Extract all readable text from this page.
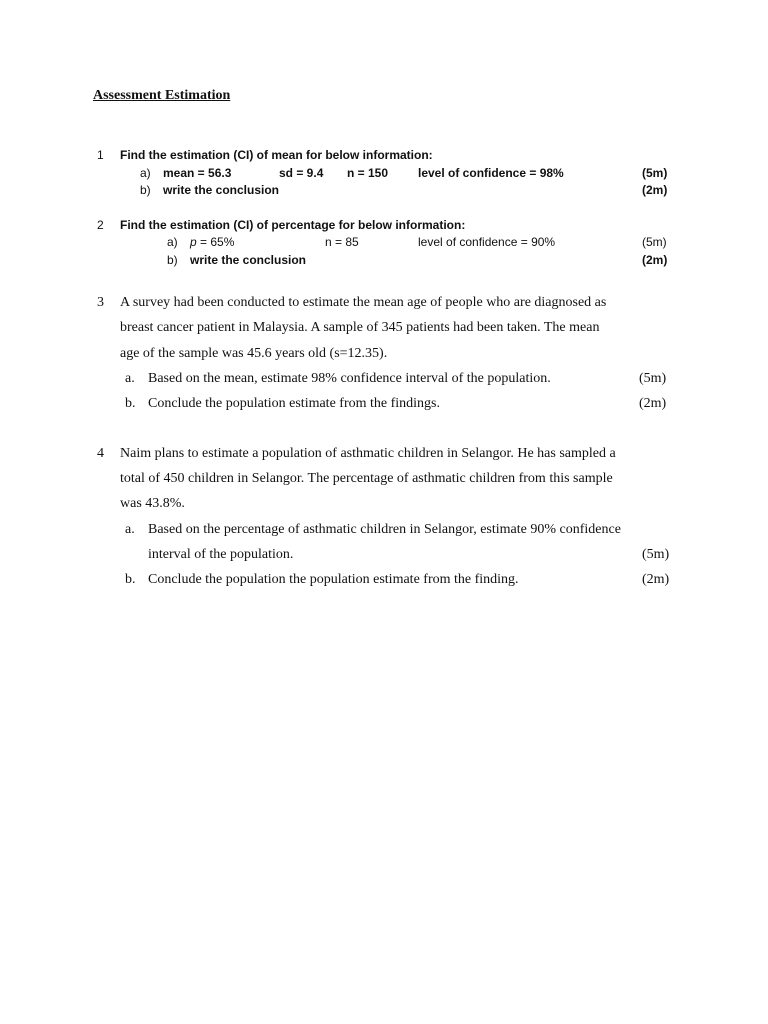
Assessment Estimation
1 Find the estimation (CI) of mean for below information:
a) mean = 56.3	sd = 9.4 n = 150 level of confidence = 98%	(5m)
b) write the conclusion	(2m)
2 Find the estimation (CI) of percentage for below information:
a) p = 65%	n = 85	level of confidence = 90%	(5m)
b) write the conclusion	(2m)
3 A survey had been conducted to estimate the mean age of people who are diagnosed as
breast cancer patient in Malaysia. A sample of 345 patients had been taken. The mean
age of the sample was 45.6 years old (s=12.35).
a. Based on the mean, estimate 98% confidence interval of the population.	(5m)
b. Conclude the population estimate from the findings.	(2m)
4 Naim plans to estimate a population of asthmatic children in Selangor. He has sampled a
total of 450 children in Selangor. The percentage of asthmatic children from this sample
was 43.8%.
a. Based on the percentage of asthmatic children in Selangor, estimate 90% confidence
interval of the population.	(5m)
b. Conclude the population the population estimate from the finding.	(2m)
